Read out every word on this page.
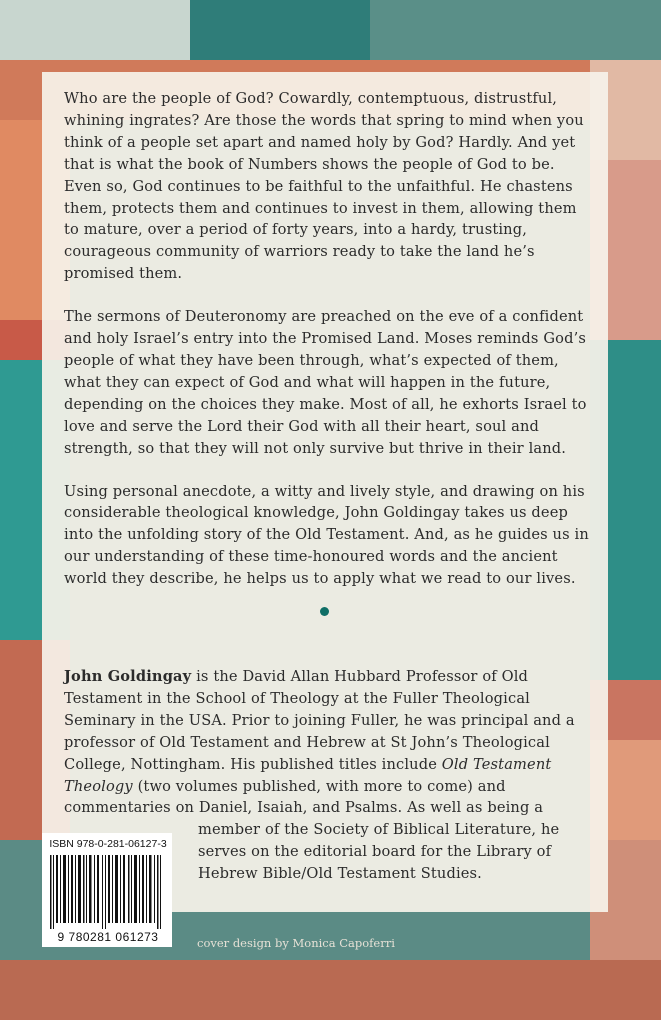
Who are the people of God? Cowardly, contemptuous, distrustful, whining ingrates? Are those the words that spring to mind when you think of a people set apart and named holy by God? Hardly. And yet that is what the book of Numbers shows the people of God to be. Even so, God continues to be faithful to the unfaithful. He chastens them, protects them and continues to invest in them, allowing them to mature, over a period of forty years, into a hardy, trusting, courageous community of warriors ready to take the land he’s promised them.

The sermons of Deuteronomy are preached on the eve of a confident and holy Israel’s entry into the Promised Land. Moses reminds God’s people of what they have been through, what’s expected of them, what they can expect of God and what will happen in the future, depending on the choices they make. Most of all, he exhorts Israel to love and serve the Lord their God with all their heart, soul and strength, so that they will not only survive but thrive in their land.

Using personal anecdote, a witty and lively style, and drawing on his considerable theological knowledge, John Goldingay takes us deep into the unfolding story of the Old Testament. And, as he guides us in our understanding of these time-honoured words and the ancient world they describe, he helps us to apply what we read to our lives.

John Goldingay is the David Allan Hubbard Professor of Old Testament in the School of Theology at the Fuller Theological Seminary in the USA. Prior to joining Fuller, he was principal and a professor of Old Testament and Hebrew at St John’s Theological College, Nottingham. His published titles include Old Testament Theology (two volumes published, with more to come) and commentaries on Daniel, Isaiah, and Psalms. As well as being a
member of the Society of Biblical Literature, he
serves on the editorial board for the Library of
Hebrew Bible/Old Testament Studies.
ISBN 978-0-281-06127-3
9 780281 061273	cover design by Monica Capoferri
